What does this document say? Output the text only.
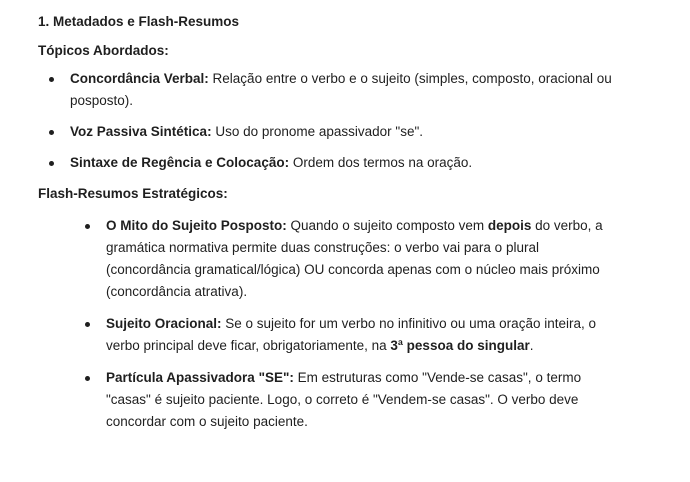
1. Metadados e Flash-Resumos

Tópicos Abordados:

Concordância Verbal: Relação entre o verbo e o sujeito (simples, composto, oracional ou posposto).
Voz Passiva Sintética: Uso do pronome apassivador "se".
Sintaxe de Regência e Colocação: Ordem dos termos na oração.

Flash-Resumos Estratégicos:

O Mito do Sujeito Posposto: Quando o sujeito composto vem depois do verbo, a gramática normativa permite duas construções: o verbo vai para o plural (concordância gramatical/lógica) OU concorda apenas com o núcleo mais próximo (concordância atrativa).
Sujeito Oracional: Se o sujeito for um verbo no infinitivo ou uma oração inteira, o verbo principal deve ficar, obrigatoriamente, na 3ª pessoa do singular.
Partícula Apassivadora "SE": Em estruturas como "Vende-se casas", o termo "casas" é sujeito paciente. Logo, o correto é "Vendem-se casas". O verbo deve concordar com o sujeito paciente.
